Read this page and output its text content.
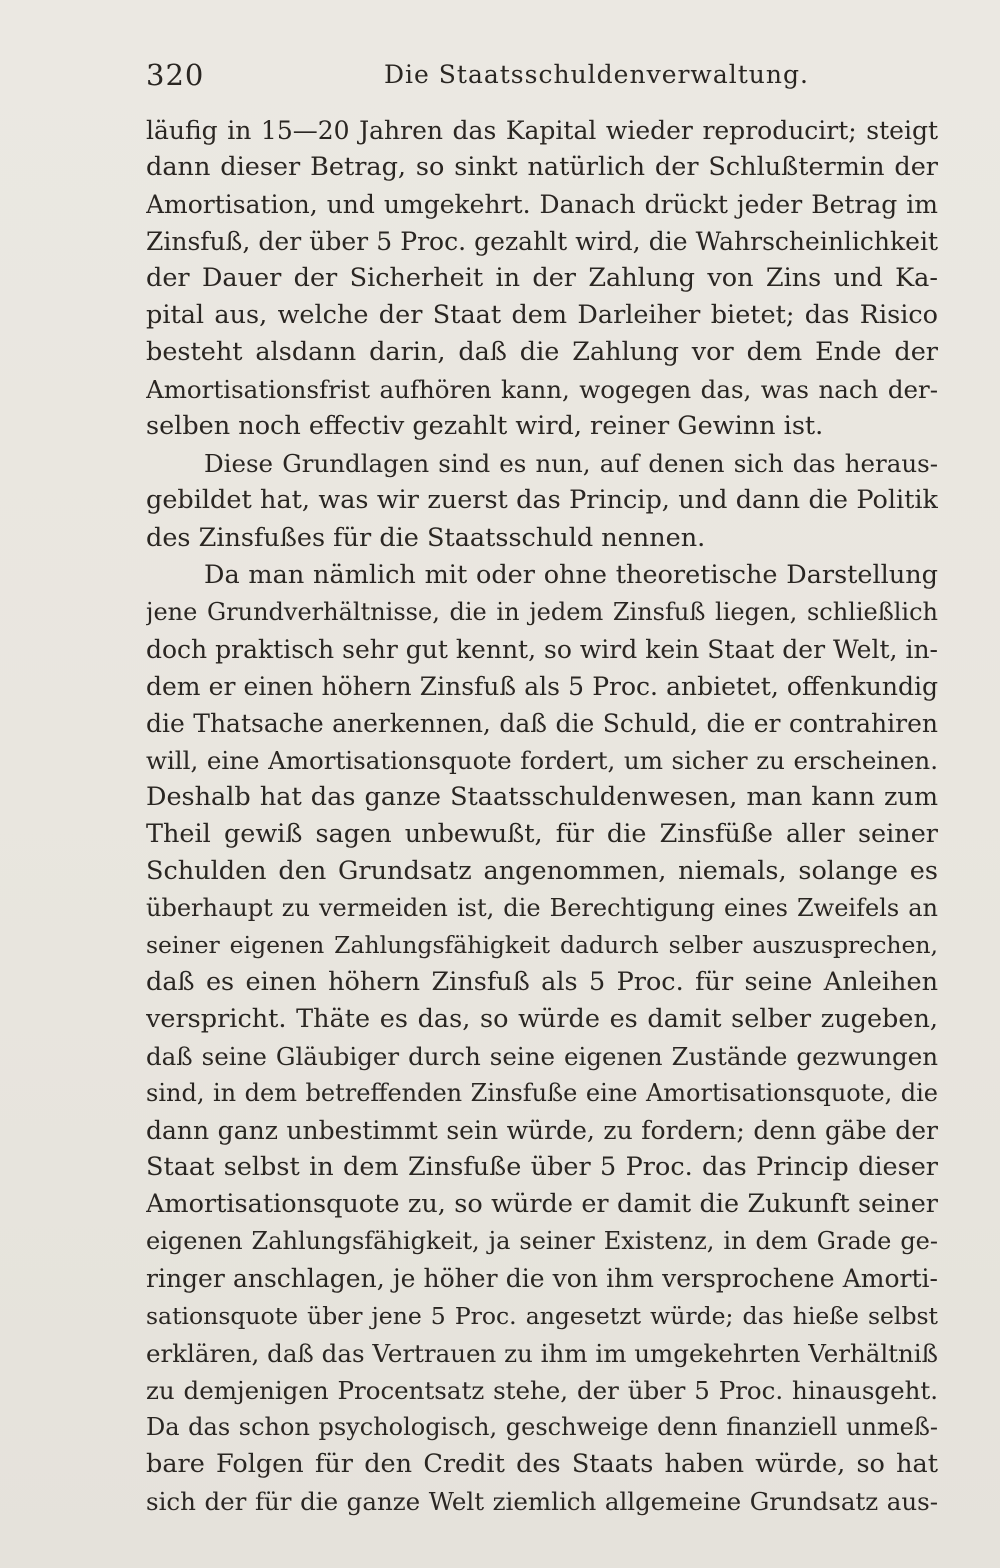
320	Die Staatsschuldenverwaltung.
läufig in 15—20 Jahren das Kapital wieder reproducirt; steigt
dann dieser Betrag, so sinkt natürlich der Schlußtermin der
Amortisation, und umgekehrt. Danach drückt jeder Betrag im
Zinsfuß, der über 5 Proc. gezahlt wird, die Wahrscheinlichkeit
der Dauer der Sicherheit in der Zahlung von Zins und Ka-
pital aus, welche der Staat dem Darleiher bietet; das Risico
besteht alsdann darin, daß die Zahlung vor dem Ende der
Amortisationsfrist aufhören kann, wogegen das, was nach der-
selben noch effectiv gezahlt wird, reiner Gewinn ist.
Diese Grundlagen sind es nun, auf denen sich das heraus-
gebildet hat, was wir zuerst das Princip, und dann die Politik
des Zinsfußes für die Staatsschuld nennen.
Da man nämlich mit oder ohne theoretische Darstellung
jene Grundverhältnisse, die in jedem Zinsfuß liegen, schließlich
doch praktisch sehr gut kennt, so wird kein Staat der Welt, in-
dem er einen höhern Zinsfuß als 5 Proc. anbietet, offenkundig
die Thatsache anerkennen, daß die Schuld, die er contrahiren
will, eine Amortisationsquote fordert, um sicher zu erscheinen.
Deshalb hat das ganze Staatsschuldenwesen, man kann zum
Theil gewiß sagen unbewußt, für die Zinsfüße aller seiner
Schulden den Grundsatz angenommen, niemals, solange es
überhaupt zu vermeiden ist, die Berechtigung eines Zweifels an
seiner eigenen Zahlungsfähigkeit dadurch selber auszusprechen,
daß es einen höhern Zinsfuß als 5 Proc. für seine Anleihen
verspricht. Thäte es das, so würde es damit selber zugeben,
daß seine Gläubiger durch seine eigenen Zustände gezwungen
sind, in dem betreffenden Zinsfuße eine Amortisationsquote, die
dann ganz unbestimmt sein würde, zu fordern; denn gäbe der
Staat selbst in dem Zinsfuße über 5 Proc. das Princip dieser
Amortisationsquote zu, so würde er damit die Zukunft seiner
eigenen Zahlungsfähigkeit, ja seiner Existenz, in dem Grade ge-
ringer anschlagen, je höher die von ihm versprochene Amorti-
sationsquote über jene 5 Proc. angesetzt würde; das hieße selbst
erklären, daß das Vertrauen zu ihm im umgekehrten Verhältniß
zu demjenigen Procentsatz stehe, der über 5 Proc. hinausgeht.
Da das schon psychologisch, geschweige denn finanziell unmeß-
bare Folgen für den Credit des Staats haben würde, so hat
sich der für die ganze Welt ziemlich allgemeine Grundsatz aus-
